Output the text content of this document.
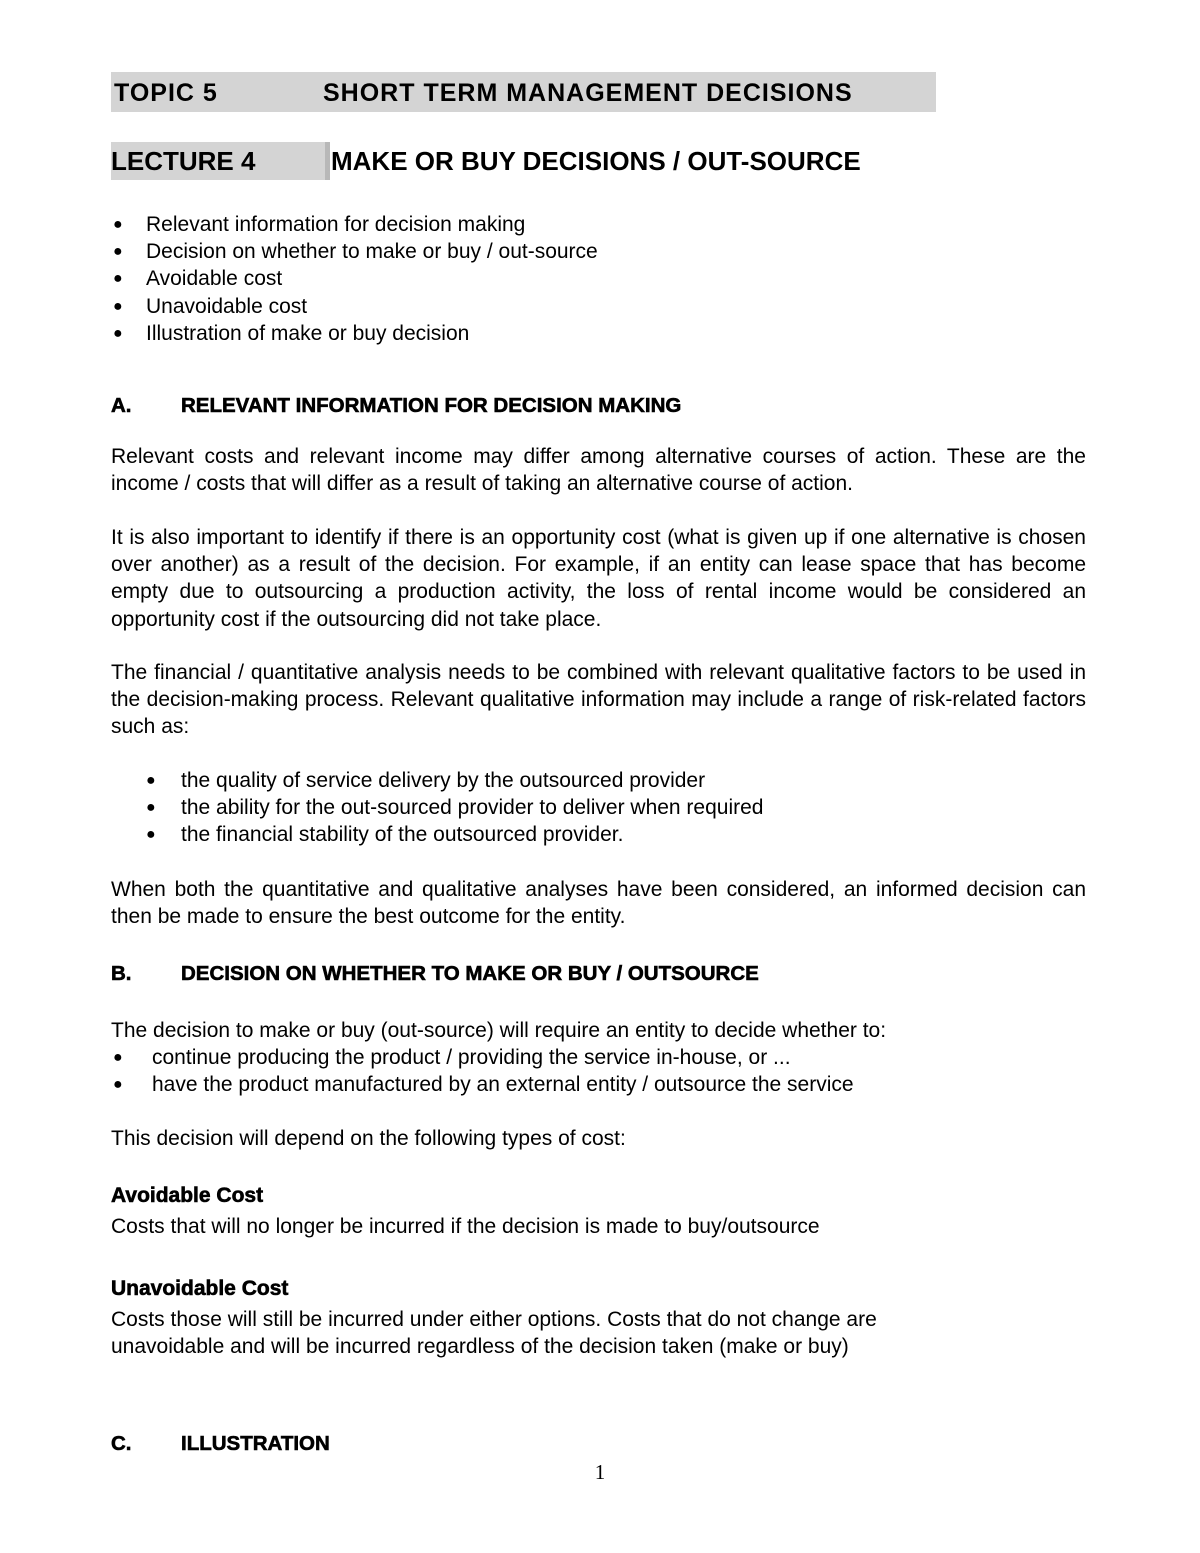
TOPIC 5	SHORT TERM MANAGEMENT DECISIONS
LECTURE 4	MAKE OR BUY DECISIONS / OUT-SOURCE
● Relevant information for decision making
● Decision on whether to make or buy / out-source
● Avoidable cost
● Unavoidable cost
● Illustration of make or buy decision
A. RELEVANT INFORMATION FOR DECISION MAKING
Relevant costs and relevant income may differ among alternative courses of action. These are the income / costs that will differ as a result of taking an alternative course of action.
It is also important to identify if there is an opportunity cost (what is given up if one alternative is chosen over another) as a result of the decision. For example, if an entity can lease space that has become empty due to outsourcing a production activity, the loss of rental income would be considered an opportunity cost if the outsourcing did not take place.
The financial / quantitative analysis needs to be combined with relevant qualitative factors to be used in the decision-making process. Relevant qualitative information may include a range of risk-related factors such as:
● the quality of service delivery by the outsourced provider
● the ability for the out-sourced provider to deliver when required
● the financial stability of the outsourced provider.
When both the quantitative and qualitative analyses have been considered, an informed decision can then be made to ensure the best outcome for the entity.
B. DECISION ON WHETHER TO MAKE OR BUY / OUTSOURCE
The decision to make or buy (out-source) will require an entity to decide whether to:
● continue producing the product / providing the service in-house, or ...
● have the product manufactured by an external entity / outsource the service
This decision will depend on the following types of cost:
Avoidable Cost
Costs that will no longer be incurred if the decision is made to buy/outsource
Unavoidable Cost
Costs those will still be incurred under either options. Costs that do not change are unavoidable and will be incurred regardless of the decision taken (make or buy)
C. ILLUSTRATION
1
